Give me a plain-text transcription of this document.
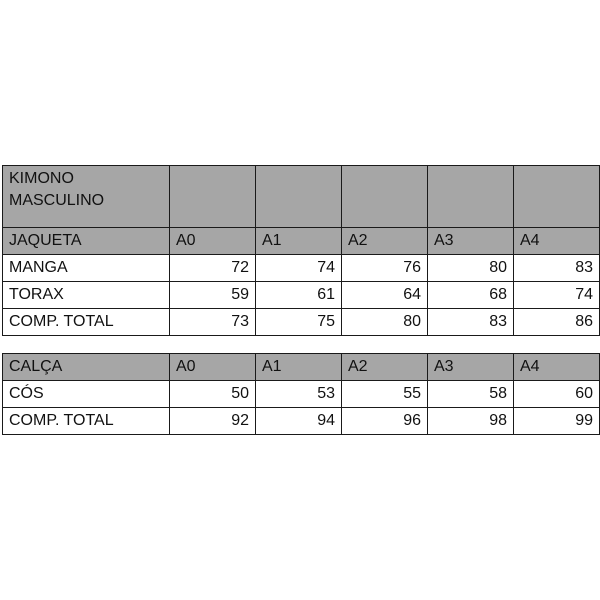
KIMONO
MASCULINO					

JAQUETA	A0	A1	A2	A3	A4
MANGA	72	74	76	80	83
TORAX	59	61	64	68	74
COMP. TOTAL	73	75	80	83	86
CALÇA	A0	A1	A2	A3	A4
CÓS	50	53	55	58	60
COMP. TOTAL	92	94	96	98	99
